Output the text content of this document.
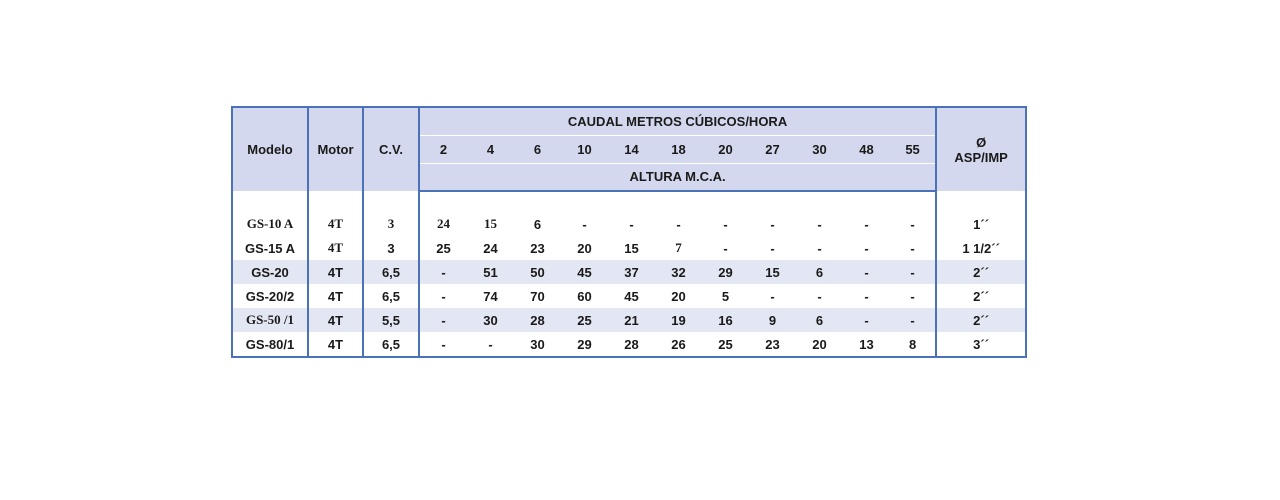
Modelo	Motor	C.V.	CAUDAL METROS CÚBICOS/HORA											Ø
ASP/IMP

			2	4	6	10	14	18	20	27	30	48	55	
			ALTURA M.C.A.											

GS-10 A	4T	3	24	15	6	-	-	-	-	-	-	-	-	1´´
GS-15 A	4T	3	25	24	23	20	15	7	-	-	-	-	-	1 1/2´´
GS-20	4T	6,5	-	51	50	45	37	32	29	15	6	-	-	2´´
GS-20/2	4T	6,5	-	74	70	60	45	20	5	-	-	-	-	2´´
GS-50 /1	4T	5,5	-	30	28	25	21	19	16	9	6	-	-	2´´
GS-80/1	4T	6,5	-	-	30	29	28	26	25	23	20	13	8	3´´
